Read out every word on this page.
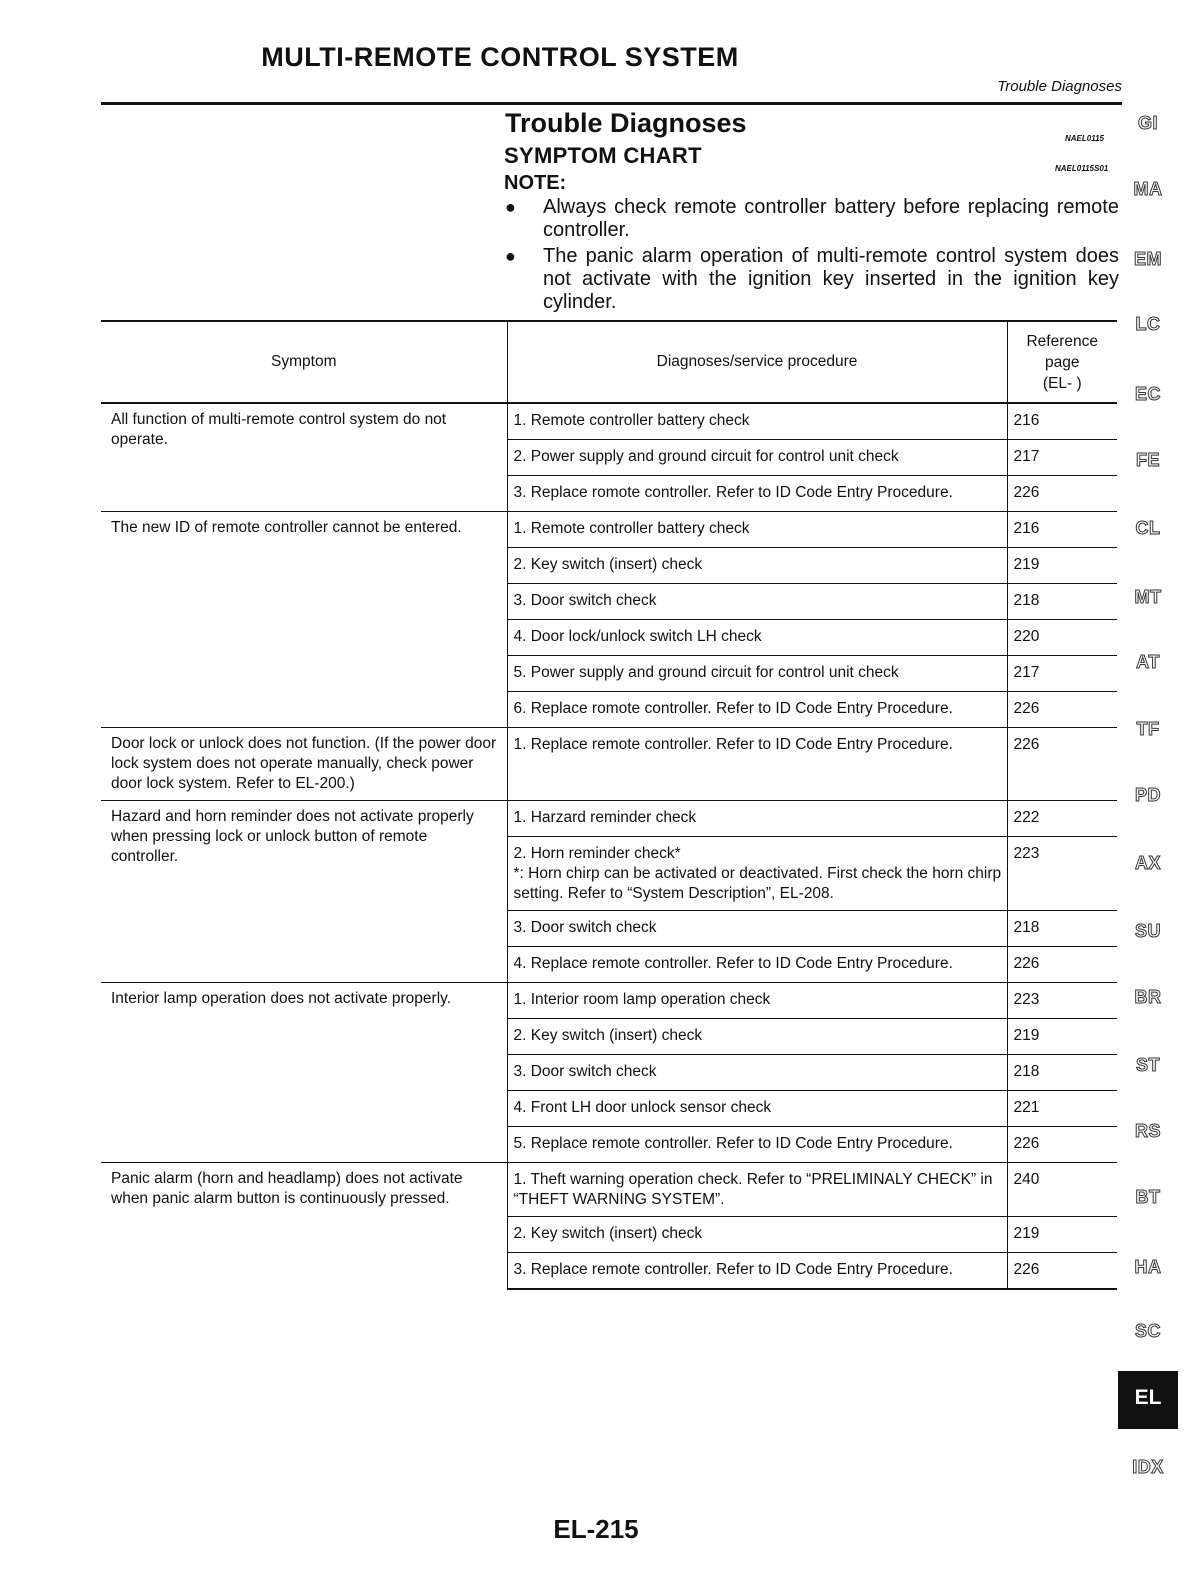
MULTI-REMOTE CONTROL SYSTEM
Trouble Diagnoses
Trouble Diagnoses
NAEL0115
SYMPTOM CHART
NAEL0115S01
NOTE:
● Always check remote controller battery before replacing remote controller.
● The panic alarm operation of multi-remote control system does not activate with the ignition key inserted in the ignition key cylinder.
Symptom	Diagnoses/service procedure	Reference
page
(EL- )
All function of multi-remote control system do not operate.	1. Remote controller battery check	216
	2. Power supply and ground circuit for control unit check	217
	3. Replace romote controller. Refer to ID Code Entry Procedure.	226
The new ID of remote controller cannot be entered.	1. Remote controller battery check	216
	2. Key switch (insert) check	219
	3. Door switch check	218
	4. Door lock/unlock switch LH check	220
	5. Power supply and ground circuit for control unit check	217
	6. Replace romote controller. Refer to ID Code Entry Procedure.	226
Door lock or unlock does not function. (If the power door lock system does not operate manually, check power door lock system. Refer to EL-200.)	1. Replace remote controller. Refer to ID Code Entry Procedure.	226
Hazard and horn reminder does not activate properly when pressing lock or unlock button of remote controller.	1. Harzard reminder check	222

	2. Horn reminder check*
*: Horn chirp can be activated or deactivated. First check the horn chirp setting. Refer to “System Description”, EL-208.	223
	3. Door switch check	218
	4. Replace remote controller. Refer to ID Code Entry Procedure.	226
Interior lamp operation does not activate properly.	1. Interior room lamp operation check	223
	2. Key switch (insert) check	219
	3. Door switch check	218
	4. Front LH door unlock sensor check	221
	5. Replace remote controller. Refer to ID Code Entry Procedure.	226
Panic alarm (horn and headlamp) does not activate when panic alarm button is continuously pressed.	1. Theft warning operation check. Refer to “PRELIMINALY CHECK” in “THEFT WARNING SYSTEM”.	240
	2. Key switch (insert) check	219
	3. Replace remote controller. Refer to ID Code Entry Procedure.	226
GI
MA
EM
LC
EC
FE
CL
MT
AT
TF
PD
AX
SU
BR
ST
RS
BT
HA
SC
EL
IDX
EL-215
